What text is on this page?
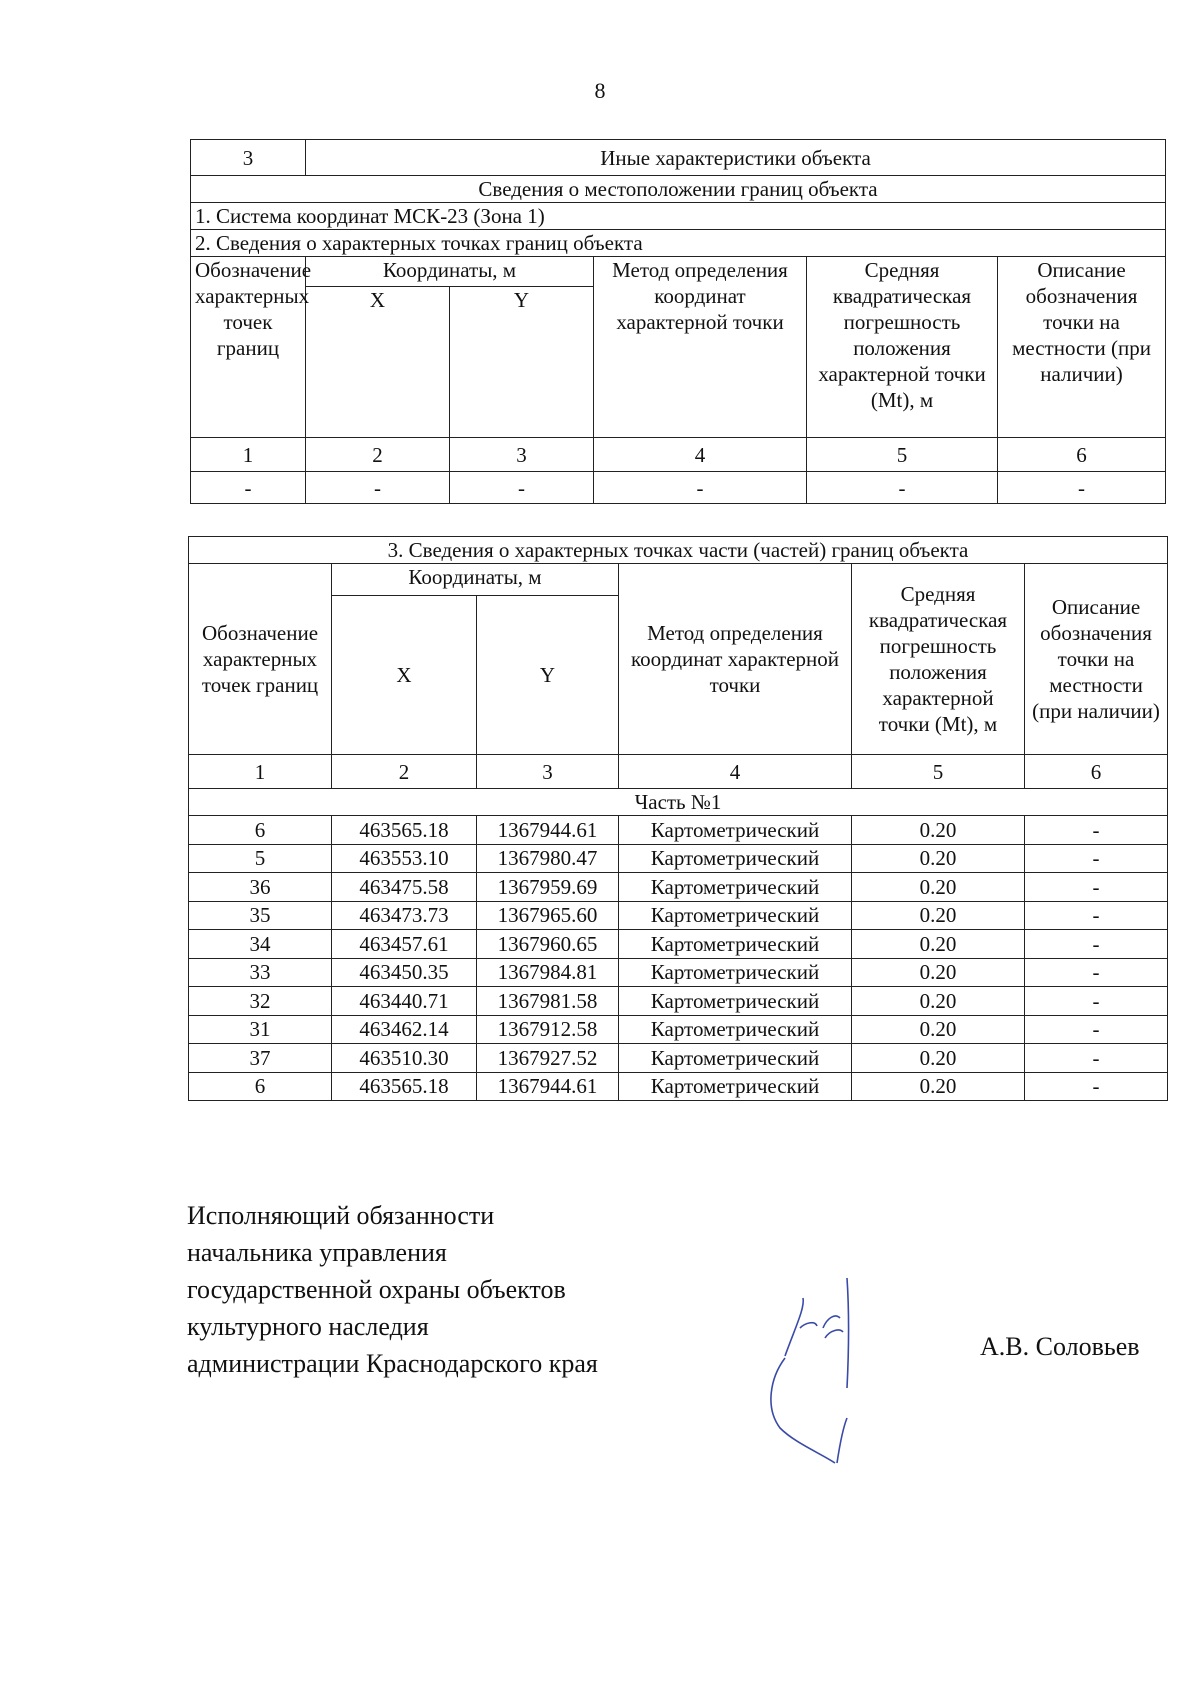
8
3	Иные характеристики объекта				
Сведения о местоположении границ объекта					
1. Система координат МСК-23 (Зона 1)					
2. Сведения о характерных точках границ объекта					
Обозначение характерных точек границ	Координаты, м		Метод определения координат характерной точки	Средняя квадратическая погрешность положения характерной точки (Mt), м	Описание обозначения точки на местности (при наличии)
	X	Y			
1	2	3	4	5	6
-	-	-	-	-	-
3. Сведения о характерных точках части (частей) границ объекта					
Обозначение характерных точек границ	Координаты, м		Метод определения координат характерной точки	Средняя квадратическая погрешность положения характерной точки (Mt), м	Описание обозначения точки на местности (при наличии)
	X	Y			
1	2	3	4	5	6
Часть №1					
6	463565.18	1367944.61	Картометрический	0.20	-
5	463553.10	1367980.47	Картометрический	0.20	-
36	463475.58	1367959.69	Картометрический	0.20	-
35	463473.73	1367965.60	Картометрический	0.20	-
34	463457.61	1367960.65	Картометрический	0.20	-
33	463450.35	1367984.81	Картометрический	0.20	-
32	463440.71	1367981.58	Картометрический	0.20	-
31	463462.14	1367912.58	Картометрический	0.20	-
37	463510.30	1367927.52	Картометрический	0.20	-
6	463565.18	1367944.61	Картометрический	0.20	-
Исполняющий обязанности
начальника управления
государственной охраны объектов
культурного наследия
администрации Краснодарского края
А.В. Соловьев
